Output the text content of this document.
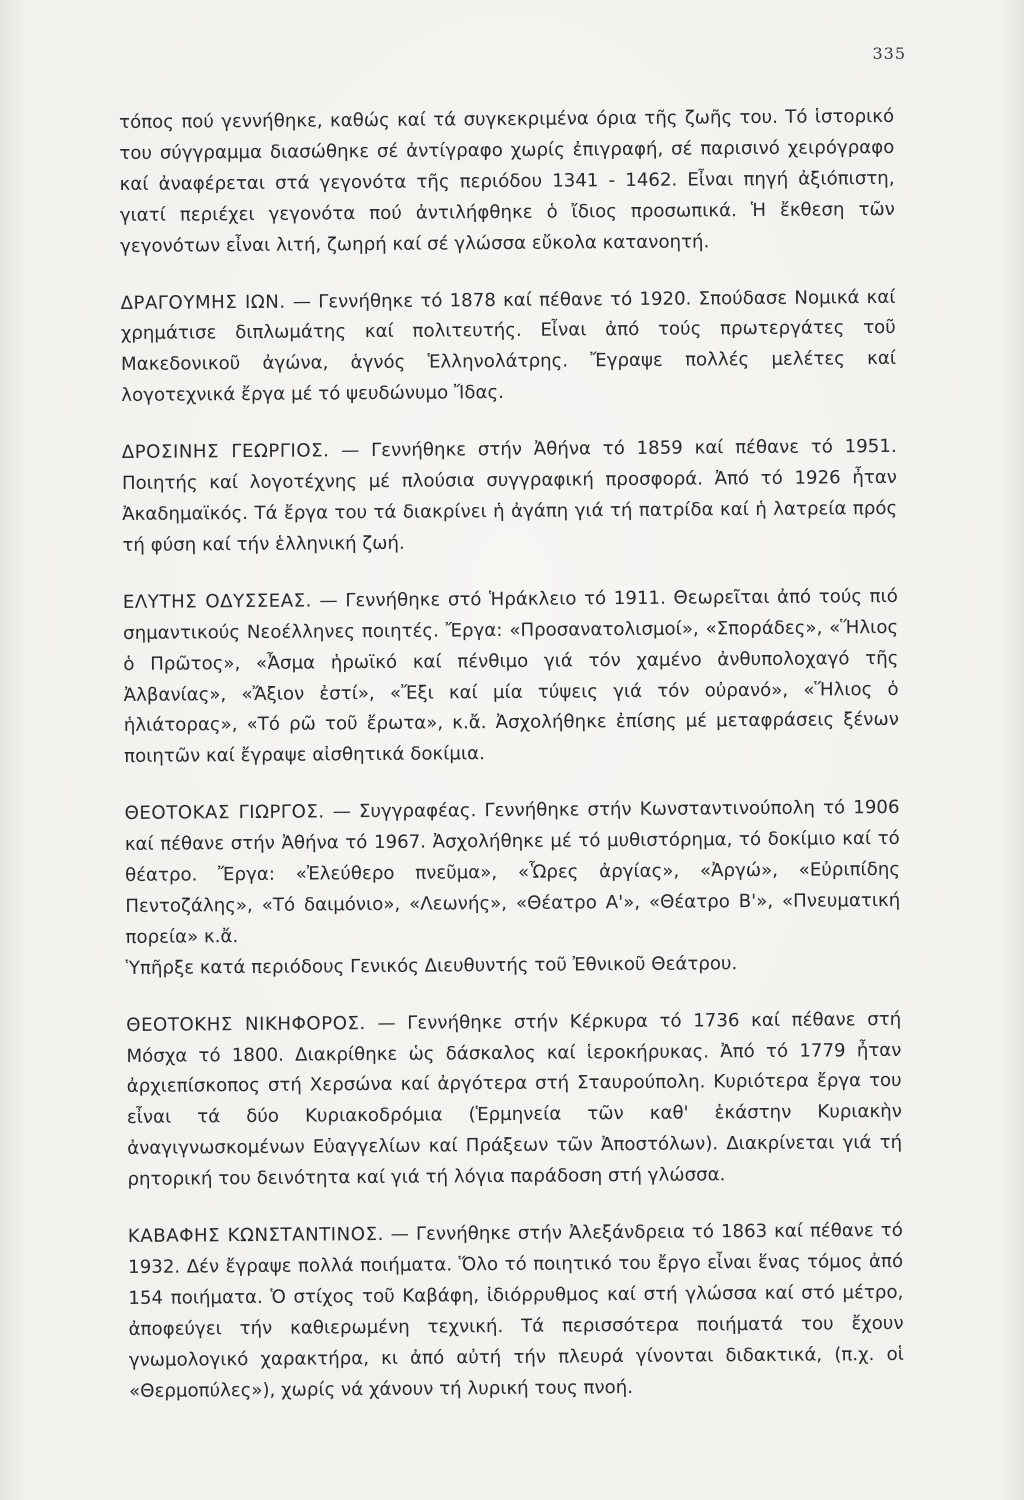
335

τόπος πού γεννήθηκε, καθώς καί τά συγκεκριμένα όρια τῆς ζωῆς του. Τό ἱστορικό του σύγγραμμα διασώθηκε σέ ἀντίγραφο χωρίς ἐπιγραφή, σέ παρισινό χειρόγραφο καί ἀναφέρεται στά γεγονότα τῆς περιόδου 1341 - 1462. Εἶναι πηγή ἀξιόπιστη, γιατί περιέχει γεγονότα πού ἀντιλήφθηκε ὁ ἴδιος προσωπικά. Ἡ ἔκθεση τῶν γεγονότων εἶναι λιτή, ζωηρή καί σέ γλώσσα εὔκολα κατανοητή.

ΔΡΑΓΟΥΜΗΣ ΙΩΝ. — Γεννήθηκε τό 1878 καί πέθανε τό 1920. Σπούδασε Νομικά καί χρημάτισε διπλωμάτης καί πολιτευτής. Εἶναι ἀπό τούς πρωτεργάτες τοῦ Μακεδονικοῦ ἀγώνα, ἁγνός Ἑλληνολάτρης. Ἔγραψε πολλές μελέτες καί λογοτεχνικά ἔργα μέ τό ψευδώνυμο Ἴδας.

ΔΡΟΣΙΝΗΣ ΓΕΩΡΓΙΟΣ. — Γεννήθηκε στήν Ἀθήνα τό 1859 καί πέθανε τό 1951. Ποιητής καί λογοτέχνης μέ πλούσια συγγραφική προσφορά. Ἀπό τό 1926 ἦταν Ἀκαδημαϊκός. Τά ἔργα του τά διακρίνει ἡ ἀγάπη γιά τή πατρίδα καί ἡ λατρεία πρός τή φύση καί τήν ἑλληνική ζωή.

ΕΛΥΤΗΣ ΟΔΥΣΣΕΑΣ. — Γεννήθηκε στό Ἡράκλειο τό 1911. Θεωρεῖται ἀπό τούς πιό σημαντικούς Νεοέλληνες ποιητές. Ἔργα: «Προσανατολισμοί», «Σποράδες», «Ἥλιος ὁ Πρῶτος», «Ἆσμα ἡρωϊκό καί πένθιμο γιά τόν χαμένο ἀνθυπολοχαγό τῆς Ἀλβανίας», «Ἄξιον ἐστί», «Ἔξι καί μία τύψεις γιά τόν οὐρανό», «Ἥλιος ὁ ἡλιάτορας», «Τό ρῶ τοῦ ἔρωτα», κ.ἄ. Ἀσχολήθηκε ἐπίσης μέ μεταφράσεις ξένων ποιητῶν καί ἔγραψε αἰσθητικά δοκίμια.

ΘΕΟΤΟΚΑΣ ΓΙΩΡΓΟΣ. — Συγγραφέας. Γεννήθηκε στήν Κωνσταντινούπολη τό 1906 καί πέθανε στήν Ἀθήνα τό 1967. Ἀσχολήθηκε μέ τό μυθιστόρημα, τό δοκίμιο καί τό θέατρο. Ἔργα: «Ἐλεύθερο πνεῦμα», «Ὧρες ἀργίας», «Ἀργώ», «Εὐριπίδης Πεντοζάλης», «Τό δαιμόνιο», «Λεωνής», «Θέατρο Α'», «Θέατρο Β'», «Πνευματική πορεία» κ.ἄ.

Ὑπῆρξε κατά περιόδους Γενικός Διευθυντής τοῦ Ἐθνικοῦ Θεάτρου.

ΘΕΟΤΟΚΗΣ ΝΙΚΗΦΟΡΟΣ. — Γεννήθηκε στήν Κέρκυρα τό 1736 καί πέθανε στή Μόσχα τό 1800. Διακρίθηκε ὡς δάσκαλος καί ἱεροκήρυκας. Ἀπό τό 1779 ἦταν ἀρχιεπίσκοπος στή Χερσώνα καί ἀργότερα στή Σταυρούπολη. Κυριότερα ἔργα του εἶναι τά δύο Κυριακοδρόμια (Ἑρμηνεία τῶν καθ' ἑκάστην Κυριακὴν ἀναγιγνωσκομένων Εὐαγγελίων καί Πράξεων τῶν Ἀποστόλων). Διακρίνεται γιά τή ρητορική του δεινότητα καί γιά τή λόγια παράδοση στή γλώσσα.

ΚΑΒΑΦΗΣ ΚΩΝΣΤΑΝΤΙΝΟΣ. — Γεννήθηκε στήν Ἀλεξάνδρεια τό 1863 καί πέθανε τό 1932. Δέν ἔγραψε πολλά ποιήματα. Ὅλο τό ποιητικό του ἔργο εἶναι ἕνας τόμος ἀπό 154 ποιήματα. Ὁ στίχος τοῦ Καβάφη, ἰδιόρρυθμος καί στή γλώσσα καί στό μέτρο, ἀποφεύγει τήν καθιερωμένη τεχνική. Τά περισσότερα ποιήματά του ἔχουν γνωμολογικό χαρακτήρα, κι ἀπό αὐτή τήν πλευρά γίνονται διδακτικά, (π.χ. οἱ «Θερμοπύλες»), χωρίς νά χάνουν τή λυρική τους πνοή.
